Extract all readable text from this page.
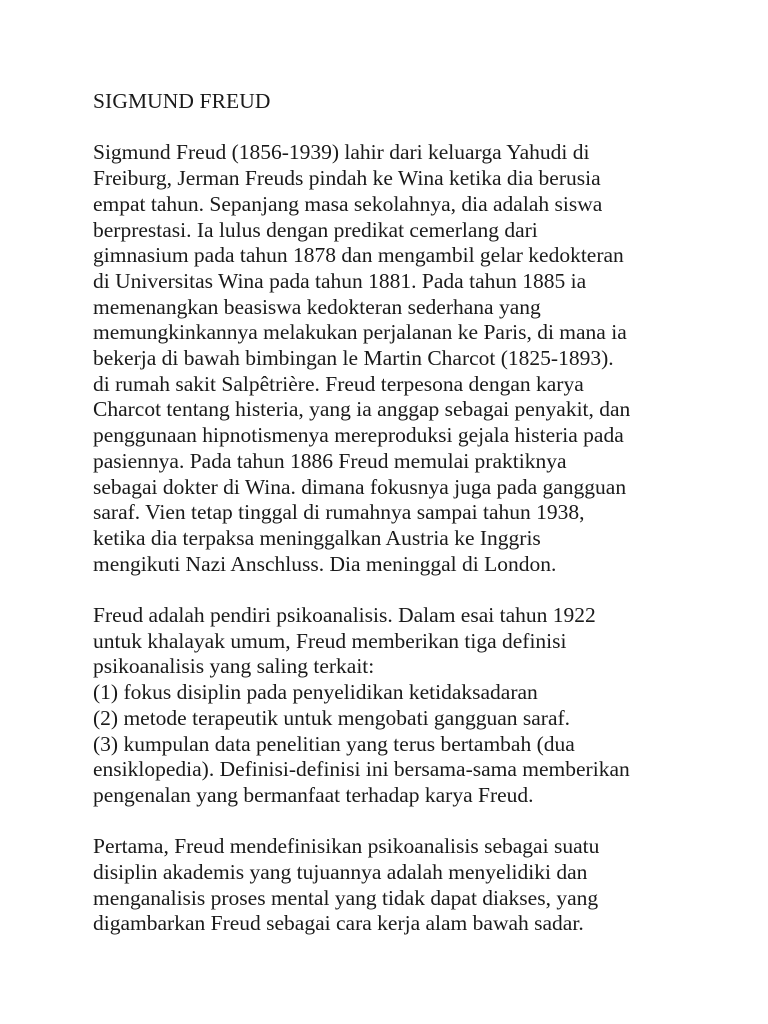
SIGMUND FREUD

Sigmund Freud (1856-1939) lahir dari keluarga Yahudi di
Freiburg, Jerman Freuds pindah ke Wina ketika dia berusia
empat tahun. Sepanjang masa sekolahnya, dia adalah siswa
berprestasi. Ia lulus dengan predikat cemerlang dari
gimnasium pada tahun 1878 dan mengambil gelar kedokteran
di Universitas Wina pada tahun 1881. Pada tahun 1885 ia
memenangkan beasiswa kedokteran sederhana yang
memungkinkannya melakukan perjalanan ke Paris, di mana ia
bekerja di bawah bimbingan le Martin Charcot (1825-1893).
di rumah sakit Salpêtrière. Freud terpesona dengan karya
Charcot tentang histeria, yang ia anggap sebagai penyakit, dan
penggunaan hipnotismenya mereproduksi gejala histeria pada
pasiennya. Pada tahun 1886 Freud memulai praktiknya
sebagai dokter di Wina. dimana fokusnya juga pada gangguan
saraf. Vien tetap tinggal di rumahnya sampai tahun 1938,
ketika dia terpaksa meninggalkan Austria ke Inggris
mengikuti Nazi Anschluss. Dia meninggal di London.

Freud adalah pendiri psikoanalisis. Dalam esai tahun 1922
untuk khalayak umum, Freud memberikan tiga definisi
psikoanalisis yang saling terkait:
(1) fokus disiplin pada penyelidikan ketidaksadaran
(2) metode terapeutik untuk mengobati gangguan saraf.
(3) kumpulan data penelitian yang terus bertambah (dua
ensiklopedia). Definisi-definisi ini bersama-sama memberikan
pengenalan yang bermanfaat terhadap karya Freud.

Pertama, Freud mendefinisikan psikoanalisis sebagai suatu
disiplin akademis yang tujuannya adalah menyelidiki dan
menganalisis proses mental yang tidak dapat diakses, yang
digambarkan Freud sebagai cara kerja alam bawah sadar.
